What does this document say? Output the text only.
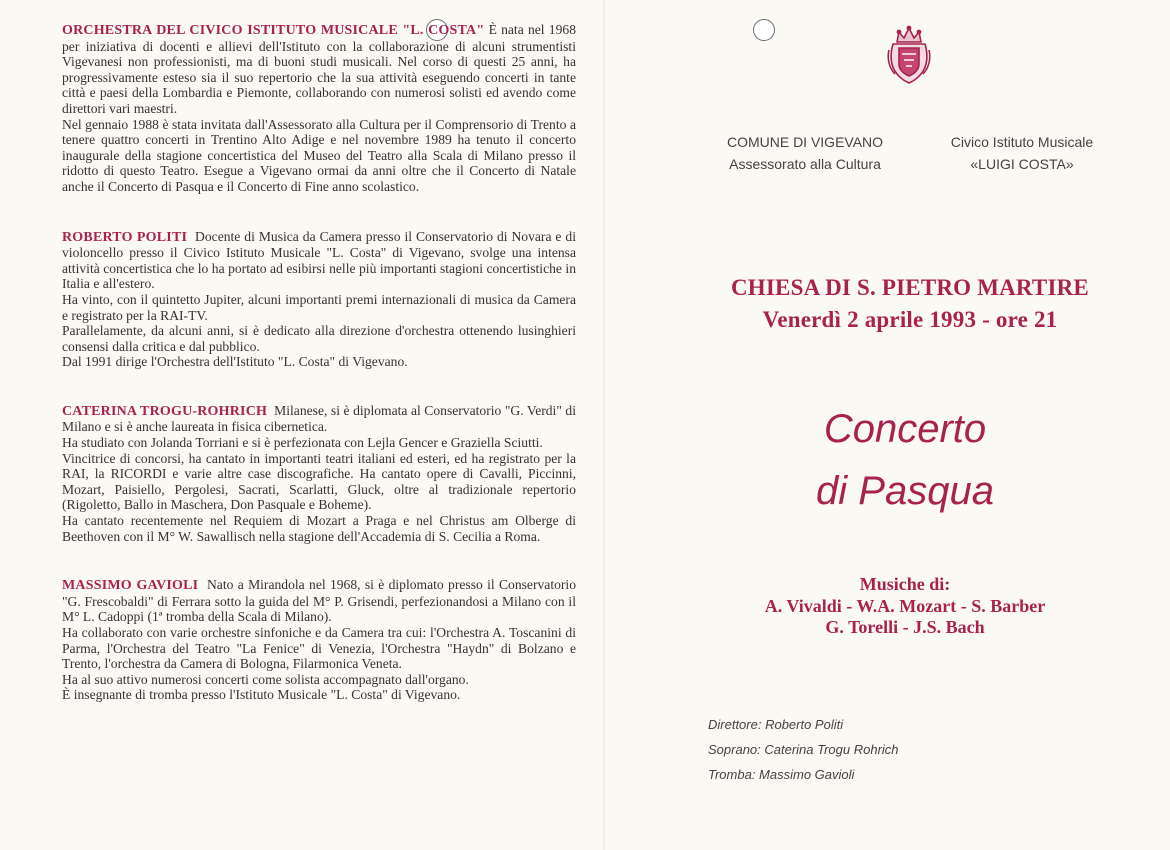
ORCHESTRA DEL CIVICO ISTITUTO MUSICALE "L. COSTA" È nata nel 1968 per iniziativa di docenti e allievi dell'Istituto con la collaborazione di alcuni strumentisti Vigevanesi non professionisti, ma di buoni studi musicali. Nel corso di questi 25 anni, ha progressivamente esteso sia il suo repertorio che la sua attività eseguendo concerti in tante città e paesi della Lombardia e Piemonte, collaborando con numerosi solisti ed avendo come direttori vari maestri.

Nel gennaio 1988 è stata invitata dall'Assessorato alla Cultura per il Comprensorio di Trento a tenere quattro concerti in Trentino Alto Adige e nel novembre 1989 ha tenuto il concerto inaugurale della stagione concertistica del Museo del Teatro alla Scala di Milano presso il ridotto di questo Teatro. Esegue a Vigevano ormai da anni oltre che il Concerto di Natale anche il Concerto di Pasqua e il Concerto di Fine anno scolastico.

ROBERTO POLITI Docente di Musica da Camera presso il Conservatorio di Novara e di violoncello presso il Civico Istituto Musicale "L. Costa" di Vigevano, svolge una intensa attività concertistica che lo ha portato ad esibirsi nelle più importanti stagioni concertistiche in Italia e all'estero.

Ha vinto, con il quintetto Jupiter, alcuni importanti premi internazionali di musica da Camera e registrato per la RAI-TV.

Parallelamente, da alcuni anni, si è dedicato alla direzione d'orchestra ottenendo lusinghieri consensi dalla critica e dal pubblico.

Dal 1991 dirige l'Orchestra dell'Istituto "L. Costa" di Vigevano.

CATERINA TROGU-ROHRICH Milanese, si è diplomata al Conservatorio "G. Verdi" di Milano e si è anche laureata in fisica cibernetica.

Ha studiato con Jolanda Torriani e si è perfezionata con Lejla Gencer e Graziella Sciutti.

Vincitrice di concorsi, ha cantato in importanti teatri italiani ed esteri, ed ha registrato per la RAI, la RICORDI e varie altre case discografiche. Ha cantato opere di Cavalli, Piccinni, Mozart, Paisiello, Pergolesi, Sacrati, Scarlatti, Gluck, oltre al tradizionale repertorio (Rigoletto, Ballo in Maschera, Don Pasquale e Boheme).

Ha cantato recentemente nel Requiem di Mozart a Praga e nel Christus am Olberge di Beethoven con il M° W. Sawallisch nella stagione dell'Accademia di S. Cecilia a Roma.

MASSIMO GAVIOLI Nato a Mirandola nel 1968, si è diplomato presso il Conservatorio "G. Frescobaldi" di Ferrara sotto la guida del M° P. Grisendi, perfezionandosi a Milano con il M° L. Cadoppi (1ª tromba della Scala di Milano).

Ha collaborato con varie orchestre sinfoniche e da Camera tra cui: l'Orchestra A. Toscanini di Parma, l'Orchestra del Teatro "La Fenice" di Venezia, l'Orchestra "Haydn" di Bolzano e Trento, l'orchestra da Camera di Bologna, Filarmonica Veneta.

Ha al suo attivo numerosi concerti come solista accompagnato dall'organo.

È insegnante di tromba presso l'Istituto Musicale "L. Costa" di Vigevano.

COMUNE DI VIGEVANO
Assessorato alla Cultura
Civico Istituto Musicale
«LUIGI COSTA»
CHIESA DI S. PIETRO MARTIRE
Venerdì 2 aprile 1993 - ore 21
Concerto
di Pasqua
Musiche di:
A. Vivaldi - W.A. Mozart - S. Barber
G. Torelli - J.S. Bach
Direttore: Roberto Politi
Soprano: Caterina Trogu Rohrich
Tromba: Massimo Gavioli
